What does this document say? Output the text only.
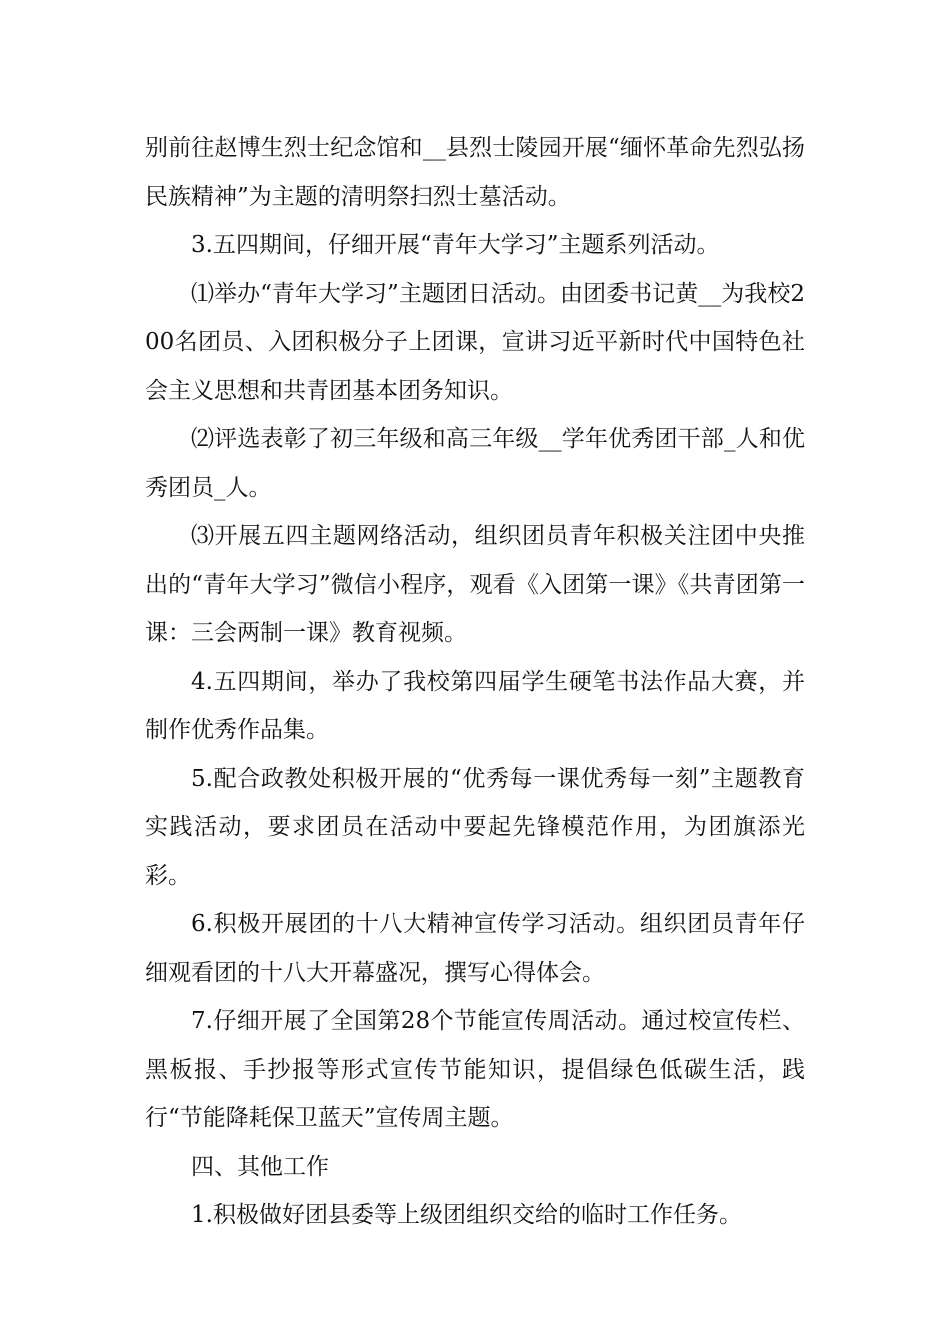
别前往赵博生烈士纪念馆和__县烈士陵园开展“缅怀革命先烈弘扬民族精神”为主题的清明祭扫烈士墓活动。

3.五四期间，仔细开展“青年大学习”主题系列活动。

⑴举办“青年大学习”主题团日活动。由团委书记黄__为我校200名团员、入团积极分子上团课，宣讲习近平新时代中国特色社会主义思想和共青团基本团务知识。

⑵评选表彰了初三年级和高三年级__学年优秀团干部_人和优秀团员_人。

⑶开展五四主题网络活动，组织团员青年积极关注团中央推出的“青年大学习”微信小程序，观看《入团第一课》《共青团第一课：三会两制一课》教育视频。

4.五四期间，举办了我校第四届学生硬笔书法作品大赛，并制作优秀作品集。

5.配合政教处积极开展的“优秀每一课优秀每一刻”主题教育实践活动，要求团员在活动中要起先锋模范作用，为团旗添光彩。

6.积极开展团的十八大精神宣传学习活动。组织团员青年仔细观看团的十八大开幕盛况，撰写心得体会。

7.仔细开展了全国第28个节能宣传周活动。通过校宣传栏、黑板报、手抄报等形式宣传节能知识，提倡绿色低碳生活，践行“节能降耗保卫蓝天”宣传周主题。

四、其他工作

1.积极做好团县委等上级团组织交给的临时工作任务。
